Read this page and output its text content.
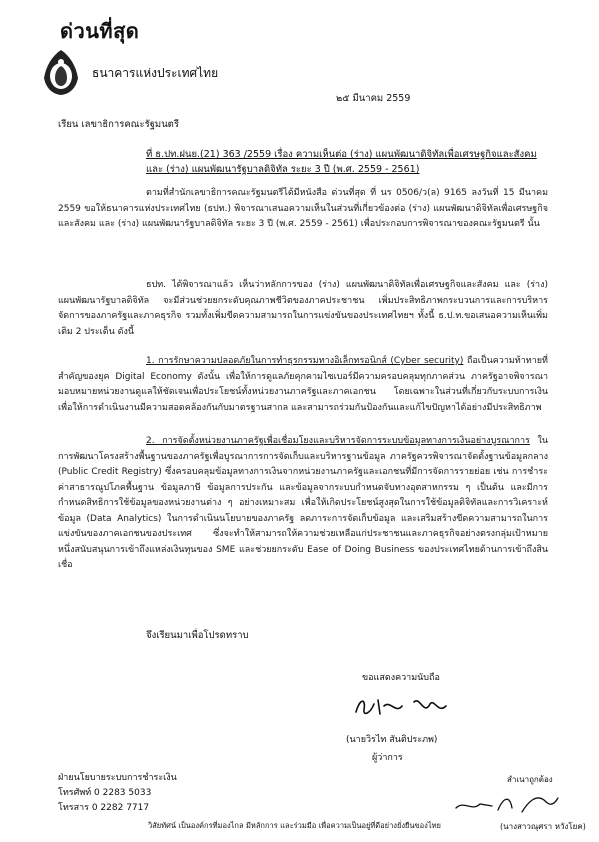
ด่วนที่สุด
ธนาคารแห่งประเทศไทย
๒๕ มีนาคม 2559
เรียน เลขาธิการคณะรัฐมนตรี
ที่ ธ.ปท.ฝนย.(21) 363 /2559 เรื่อง ความเห็นต่อ (ร่าง) แผนพัฒนาดิจิทัลเพื่อเศรษฐกิจและสังคม และ (ร่าง) แผนพัฒนารัฐบาลดิจิทัล ระยะ 3 ปี (พ.ศ. 2559 - 2561)
ตามที่สำนักเลขาธิการคณะรัฐมนตรีได้มีหนังสือ ด่วนที่สุด ที่ นร 0506/ว(ล) 9165 ลงวันที่ 15 มีนาคม 2559 ขอให้ธนาคารแห่งประเทศไทย (ธปท.) พิจารณาเสนอความเห็นในส่วนที่เกี่ยวข้องต่อ (ร่าง) แผนพัฒนาดิจิทัลเพื่อเศรษฐกิจและสังคม และ (ร่าง) แผนพัฒนารัฐบาลดิจิทัล ระยะ 3 ปี (พ.ศ. 2559 - 2561) เพื่อประกอบการพิจารณาของคณะรัฐมนตรี นั้น
ธปท. ได้พิจารณาแล้ว เห็นว่าหลักการของ (ร่าง) แผนพัฒนาดิจิทัลเพื่อเศรษฐกิจและสังคม และ (ร่าง) แผนพัฒนารัฐบาลดิจิทัล จะมีส่วนช่วยยกระดับคุณภาพชีวิตของภาคประชาชน เพิ่มประสิทธิภาพกระบวนการและการบริหารจัดการของภาครัฐและภาคธุรกิจ รวมทั้งเพิ่มขีดความสามารถในการแข่งขันของประเทศไทยฯ ทั้งนี้ ธ.ป.ท.ขอเสนอความเห็นเพิ่มเติม 2 ประเด็น ดังนี้
1. การรักษาความปลอดภัยในการทำธุรกรรมทางอิเล็กทรอนิกส์ (Cyber security) ถือเป็นความท้าทายที่สำคัญของยุค Digital Economy ดังนั้น เพื่อให้การดูแลภัยคุกคามไซเบอร์มีความครอบคลุมทุกภาคส่วน ภาครัฐอาจพิจารณามอบหมายหน่วยงานดูแลให้ชัดเจนเพื่อประโยชน์ทั้งหน่วยงานภาครัฐและภาคเอกชน โดยเฉพาะในส่วนที่เกี่ยวกับระบบการเงิน เพื่อให้การดำเนินงานมีความสอดคล้องกันกับมาตรฐานสากล และสามารถร่วมกันป้องกันและแก้ไขปัญหาได้อย่างมีประสิทธิภาพ
2. การจัดตั้งหน่วยงานภาครัฐเพื่อเชื่อมโยงและบริหารจัดการระบบข้อมูลทางการเงินอย่างบูรณาการ ในการพัฒนาโครงสร้างพื้นฐานของภาครัฐเพื่อบูรณาการการจัดเก็บและบริหารฐานข้อมูล ภาครัฐควรพิจารณาจัดตั้งฐานข้อมูลกลาง (Public Credit Registry) ซึ่งครอบคลุมข้อมูลทางการเงินจากหน่วยงานภาครัฐและเอกชนที่มีการจัดการรายย่อย เช่น การชำระค่าสาธารณูปโภคพื้นฐาน ข้อมูลภาษี ข้อมูลการประกัน และข้อมูลจากระบบกำหนดจับทางอุตสาหกรรม ๆ เป็นต้น และมีการกำหนดสิทธิการใช้ข้อมูลของหน่วยงานต่าง ๆ อย่างเหมาะสม เพื่อให้เกิดประโยชน์สูงสุดในการใช้ข้อมูลดิจิทัลและการวิเคราะห์ข้อมูล (Data Analytics) ในการดำเนินนโยบายของภาครัฐ ลดภาระการจัดเก็บข้อมูล และเสริมสร้างขีดความสามารถในการแข่งขันของภาคเอกชนของประเทศ ซึ่งจะทำให้สามารถให้ความช่วยเหลือแก่ประชาชนและภาคธุรกิจอย่างตรงกลุ่มเป้าหมาย หนึ่งสนับสนุนการเข้าถึงแหล่งเงินทุนของ SME และช่วยยกระดับ Ease of Doing Business ของประเทศไทยด้านการเข้าถึงสินเชื่อ
จึงเรียนมาเพื่อโปรดทราบ
ขอแสดงความนับถือ
(นายวิรไท สันติประภพ)
ผู้ว่าการ
ฝ่ายนโยบายระบบการชำระเงิน
โทรศัพท์ 0 2283 5033
โทรสาร 0 2282 7717
สำเนาถูกต้อง
(นางสาวณุศรา หวังโยค)
วิสัยทัศน์ เป็นองค์กรที่มองไกล มีหลักการ และร่วมมือ เพื่อความเป็นอยู่ที่ดีอย่างยั่งยืนของไทย
